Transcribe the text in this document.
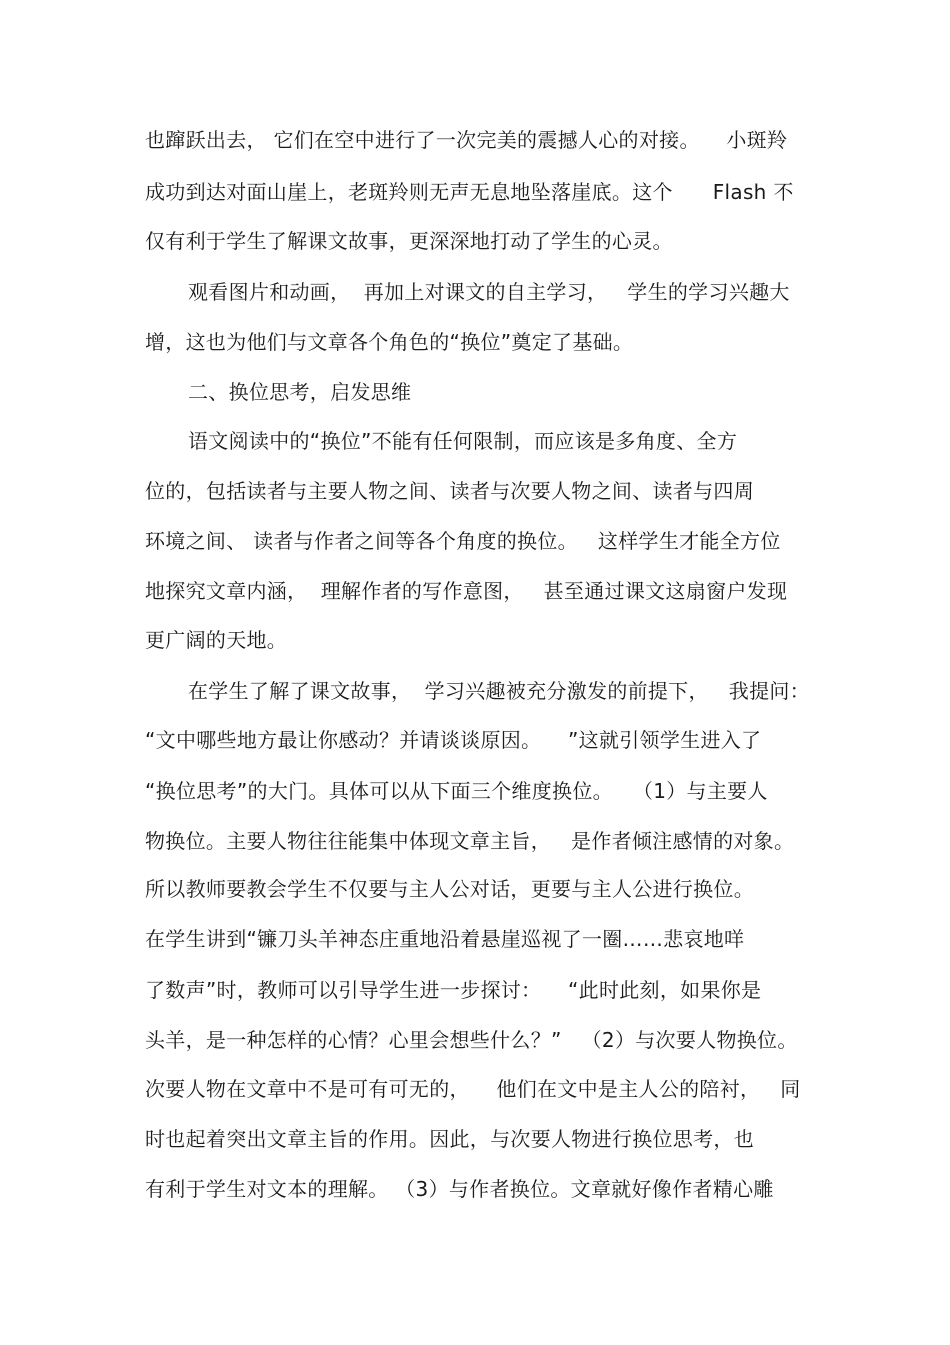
也蹿跃出去， 它们在空中进行了一次完美的震撼人心的对接。    小斑羚
成功到达对面山崖上，老斑羚则无声无息地坠落崖底。这个      Flash 不
仅有利于学生了解课文故事，更深深地打动了学生的心灵。
观看图片和动画，  再加上对课文的自主学习，   学生的学习兴趣大
增，这也为他们与文章各个角色的“换位”奠定了基础。
二、换位思考，启发思维
语文阅读中的“换位”不能有任何限制，而应该是多角度、全方
位的，包括读者与主要人物之间、读者与次要人物之间、读者与四周
环境之间、 读者与作者之间等各个角度的换位。   这样学生才能全方位
地探究文章内涵，  理解作者的写作意图，   甚至通过课文这扇窗户发现
更广阔的天地。
在学生了解了课文故事，  学习兴趣被充分激发的前提下，   我提问：
“文中哪些地方最让你感动？并请谈谈原因。    ”这就引领学生进入了
“换位思考”的大门。具体可以从下面三个维度换位。   （1）与主要人
物换位。主要人物往往能集中体现文章主旨，   是作者倾注感情的对象。
所以教师要教会学生不仅要与主人公对话，更要与主人公进行换位。
在学生讲到“镰刀头羊神态庄重地沿着悬崖巡视了一圈……悲哀地咩
了数声”时，教师可以引导学生进一步探讨：    “此时此刻，如果你是
头羊，是一种怎样的心情？心里会想些什么？”   （2）与次要人物换位。
次要人物在文章中不是可有可无的，    他们在文中是主人公的陪衬，   同
时也起着突出文章主旨的作用。因此，与次要人物进行换位思考，也
有利于学生对文本的理解。 （3）与作者换位。文章就好像作者精心雕
